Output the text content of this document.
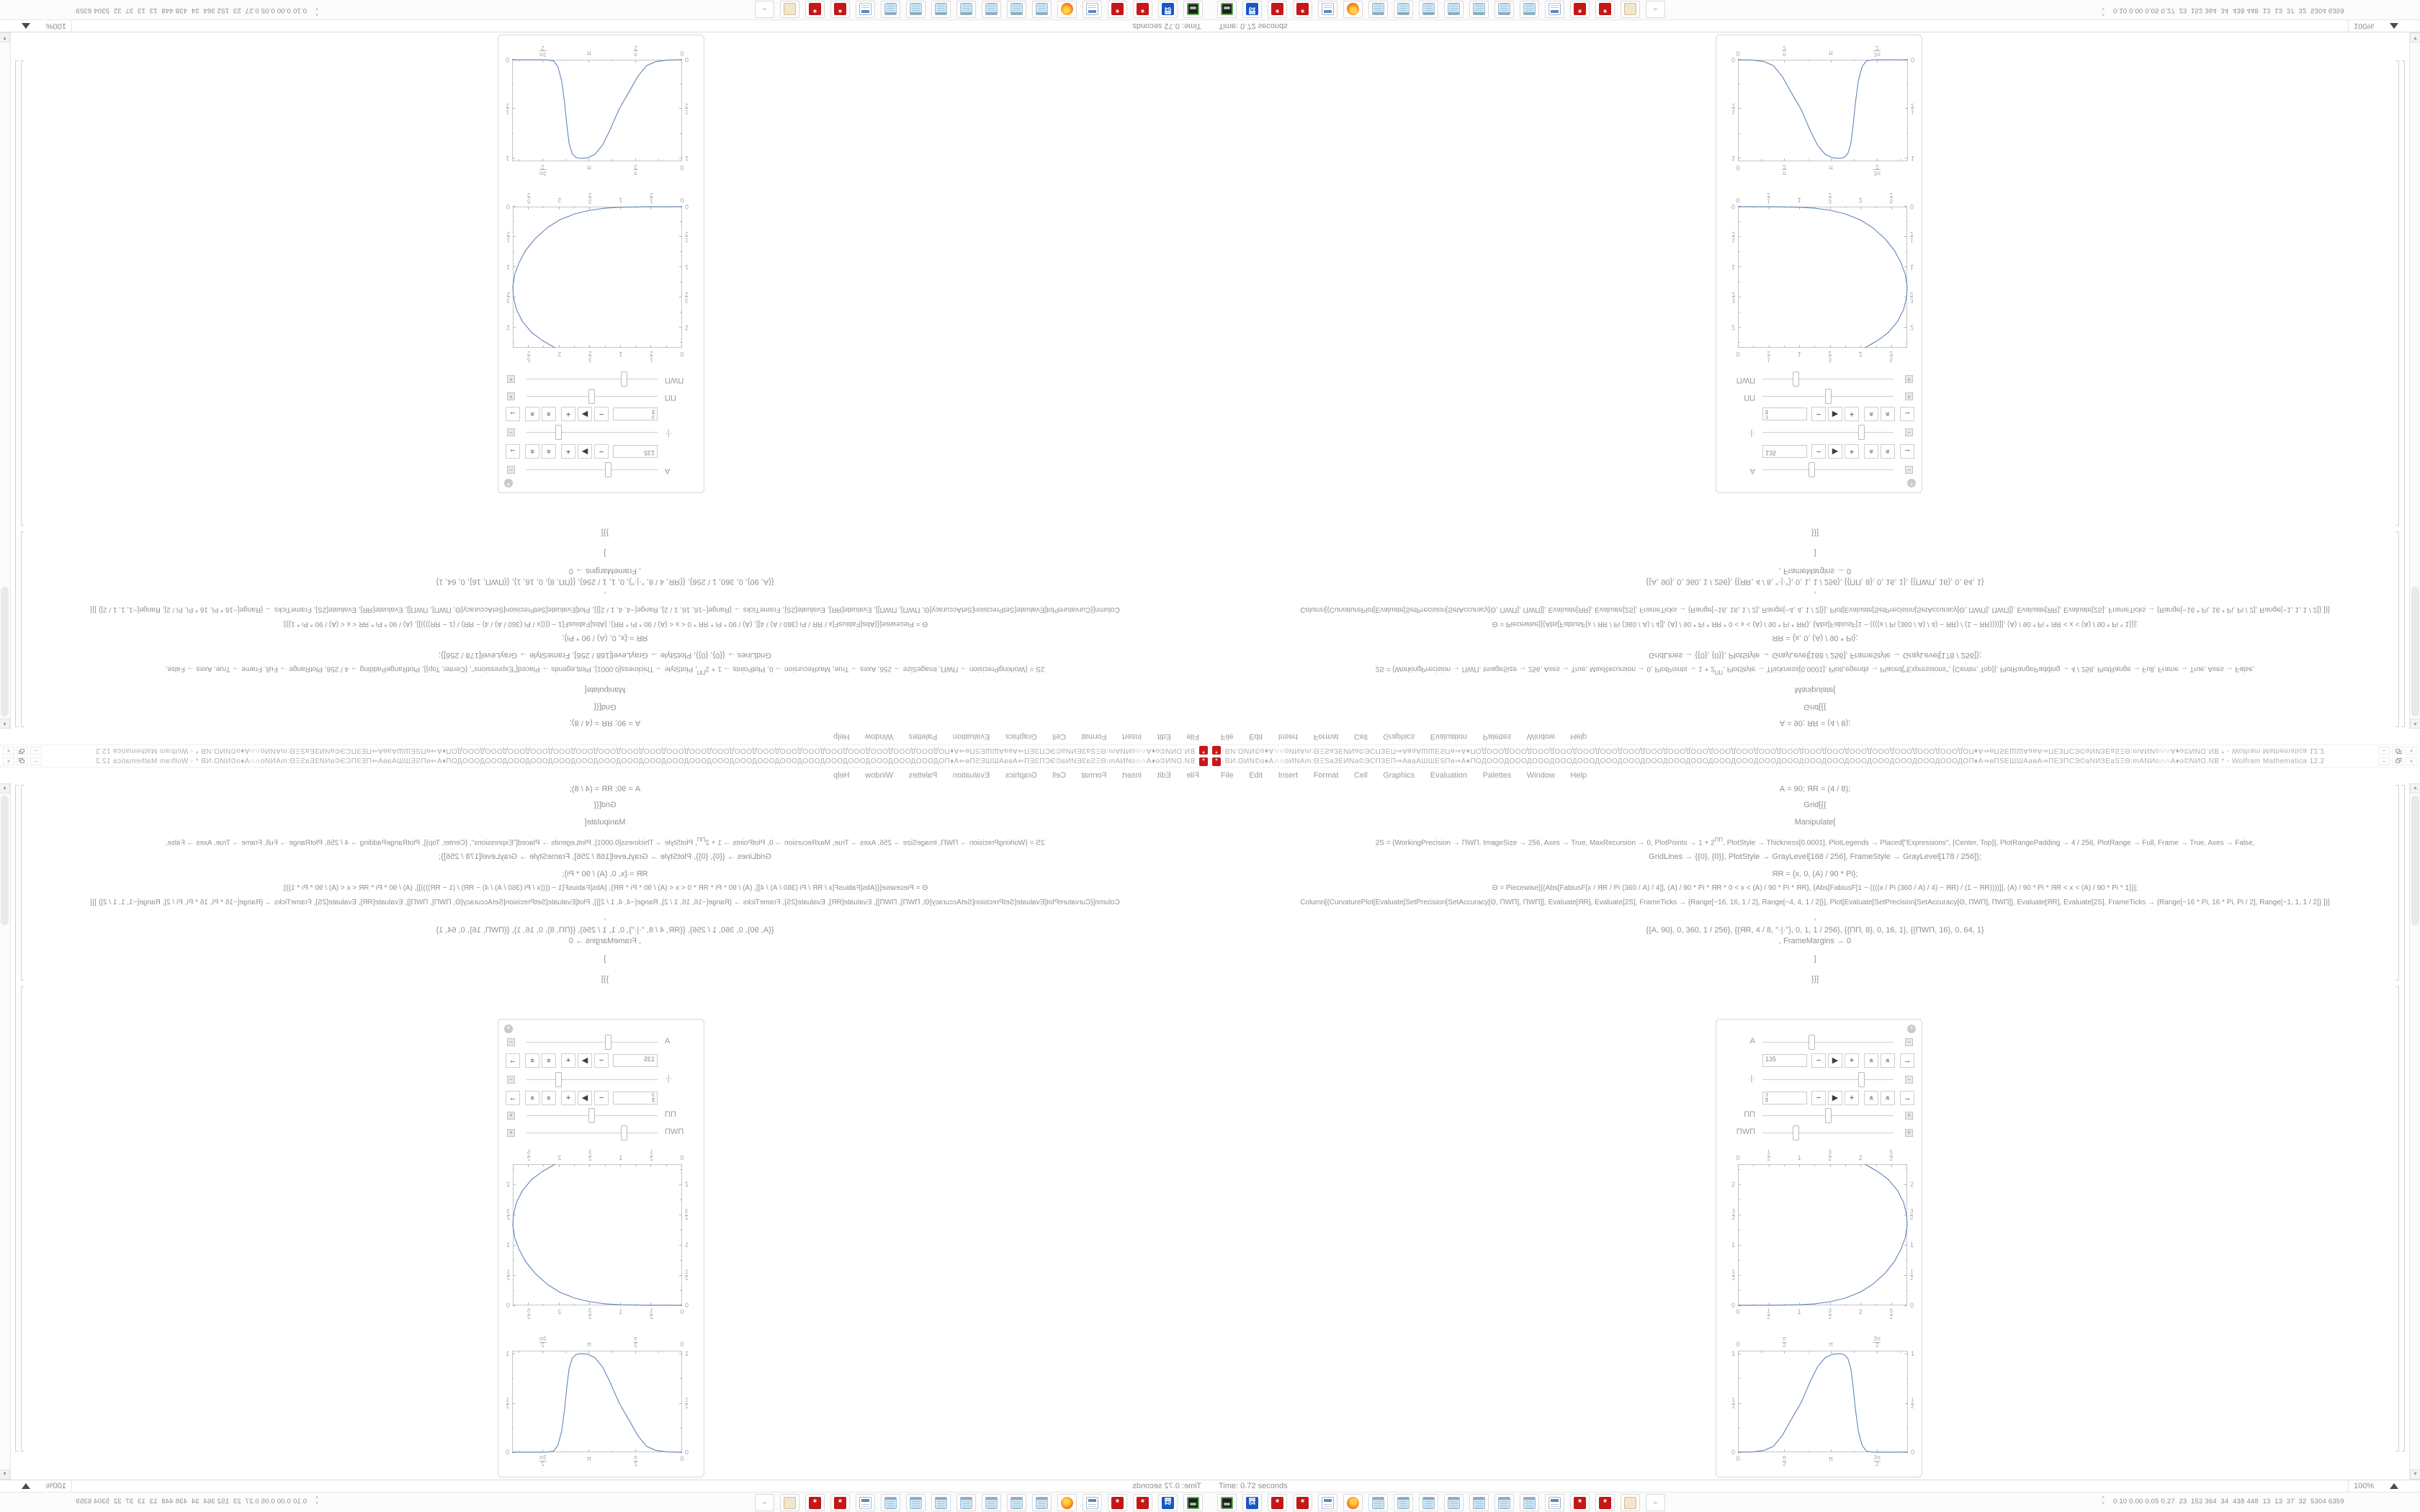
*	ВИ.ОИN©о♦А∩∩оИNАm:ΘΞЅаЗΕИNа©ЭСПЗЕП⇒АѳаАШШЕЅПѳ⇒А♦ПОДОООДОООДОООДОООДОООДОООДОООДОООДОООДОООДОООДОООДОООДОООДОООДОООДОООДОООДОООДОООДОООДОП♦А⇒ѳПЅЕШШАаѳА⇒ПЕЗПСЭ©аNИЗЕаЅΞΘ:mАNИо∩∩А♦о©NИО.NB * - Wolfram Mathematica 12.2	–	×
File Edit Insert Format Cell Graphics Evaluation Palettes Window Help
А = 90; ЯR = (4 / 8);
Grid[{{
Manipulate[
2S = {WorkingPrecision → ПWП, ImageSize → 256, Axes → True, MaxRecursion → 0, PlotPoints → $1 + 2^{ПП}$, PlotStyle → Thickness[0.0001], PlotLegends → Placed["Expressions", {Center, Top}], PlotRangePadding → 4 / 256, PlotRange → Full, Frame → True, Axes → False,
GridLines → {{0}, {0}}, PlotStyle → GrayLevel[168 / 256], FrameStyle → GrayLevel[178 / 256]};
ЯR = {x, 0, (А) / 90 * Pi};
Θ = Piecewise[{{Abs[FabiusF[x / ЯR / Pi (360 / А) / 4]], (А) / 90 * Pi * ЯR * 0 < x < (А) / 90 * Pi * ЯR}, {Abs[FabiusF[1 − ((((x / Pi (360 / А) / 4) − ЯR) / (1 − ЯR))))]], (А) / 90 * Pi * ЯR < x < (А) / 90 * Pi * 1}}];
Column[{CurvaturePlot[Evaluate[SetPrecision[SetAccuracy[Θ, ПWП], ПWП]], Evaluate[ЯR], Evaluate[2S], FrameTicks → {Range[−16, 16, 1 / 2], Range[−4, 4, 1 / 2]}], Plot[Evaluate[SetPrecision[SetAccuracy[Θ, ПWП], ПWП]], Evaluate[ЯR], Evaluate[2S], FrameTicks → {Range[−16 * Pi, 16 * Pi, Pi / 2], Range[−1, 1, 1 / 2]} ]}]
,
{{А, 90}, 0, 360, 1 / 256}, {{ЯR, 4 / 8, "·|·"}, 0, 1, 1 / 256}, {{ПП, 8}, 0, 16, 1}, {{ПWП, 16}, 0, 64, 1}
, FrameMargins → 0
]
}}]
+
А	−
·|·	−
ПП	+
ПWП	+
135	−	▶	+	«	»	→
$\frac{3}{4}$	−	▶	+	«	»	→
0
0
$\frac{1}{2}$
$\frac{1}{2}$
1
1
$\frac{3}{2}$
$\frac{3}{2}$
2
2
$\frac{5}{2}$
$\frac{5}{2}$
0	0
$\frac{1}{2}$	$\frac{1}{2}$
1	1
$\frac{3}{2}$	$\frac{3}{2}$
2	2
0
0
$\frac{\pi}{2}$
$\frac{\pi}{2}$
π
π
$\frac{3\pi}{2}$
$\frac{3\pi}{2}$
0	0
$\frac{1}{2}$	$\frac{1}{2}$
1	1
▲
▼
Time: 0.72 seconds	100%
64	*	*	*	*	⌁	˄
˅ 0.10 0.00 0.05 0.27  23  152 364  34  438 448  13  13  37  32  5304 6359
*
ВИ.ОИN©о♦А∩∩оИNАm:ΘΞЅаЗΕИNа©ЭСПЗЕП⇒АѳаАШШЕЅПѳ⇒А♦ПОДОООДОООДОООДОООДОООДОООДОООДОООДОООДОООДОООДОООДОООДОООДОООДОООДОООДОООДОООДОООДОООДОП♦А⇒ѳПЅЕШШАаѳА⇒ПЕЗПСЭ©аNИЗЕаЅΞΘ:mАNИо∩∩А♦о©NИО.NB * - Wolfram Mathematica 12.2
–
×
File Edit Insert Format Cell Graphics Evaluation Palettes Window Help
А = 90; ЯR = (4 / 8);
Grid[{{
Manipulate[
2S = {WorkingPrecision → ПWП, ImageSize → 256, Axes → True, MaxRecursion → 0, PlotPoints → $1 + 2^{ПП}$, PlotStyle → Thickness[0.0001], PlotLegends → Placed["Expressions", {Center, Top}], PlotRangePadding → 4 / 256, PlotRange → Full, Frame → True, Axes → False,
GridLines → {{0}, {0}}, PlotStyle → GrayLevel[168 / 256], FrameStyle → GrayLevel[178 / 256]};
ЯR = {x, 0, (А) / 90 * Pi};
Θ = Piecewise[{{Abs[FabiusF[x / ЯR / Pi (360 / А) / 4]], (А) / 90 * Pi * ЯR * 0 < x < (А) / 90 * Pi * ЯR}, {Abs[FabiusF[1 − ((((x / Pi (360 / А) / 4) − ЯR) / (1 − ЯR))))]], (А) / 90 * Pi * ЯR < x < (А) / 90 * Pi * 1}}];
Column[{CurvaturePlot[Evaluate[SetPrecision[SetAccuracy[Θ, ПWП], ПWП]], Evaluate[ЯR], Evaluate[2S], FrameTicks → {Range[−16, 16, 1 / 2], Range[−4, 4, 1 / 2]}], Plot[Evaluate[SetPrecision[SetAccuracy[Θ, ПWП], ПWП]], Evaluate[ЯR], Evaluate[2S], FrameTicks → {Range[−16 * Pi, 16 * Pi, Pi / 2], Range[−1, 1, 1 / 2]} ]}]
,
{{А, 90}, 0, 360, 1 / 256}, {{ЯR, 4 / 8, "·|·"}, 0, 1, 1 / 256}, {{ПП, 8}, 0, 16, 1}, {{ПWП, 16}, 0, 64, 1}
, FrameMargins → 0
]
}}]
+
А
−
·|·
−
ПП
+
ПWП
+
135
−
▶
+
«
»
→
$\frac{3}{4}$
−
▶
+
«
»
→
0
0
$\frac{1}{2}$
$\frac{1}{2}$
1
1
$\frac{3}{2}$
$\frac{3}{2}$
2
2
$\frac{5}{2}$
$\frac{5}{2}$
0
0
$\frac{1}{2}$
$\frac{1}{2}$
1
1
$\frac{3}{2}$
$\frac{3}{2}$
2
2
0
0
$\frac{\pi}{2}$
$\frac{\pi}{2}$
π
π
$\frac{3\pi}{2}$
$\frac{3\pi}{2}$
0
0
$\frac{1}{2}$
$\frac{1}{2}$
1
1
▲
▼
Time: 0.72 seconds
100%
64
*
*
*
*
⌁
˄
˅
0.10 0.00 0.05 0.27  23  152 364  34  438 448  13  13  37  32  5304 6359
*	ВИ.ОИN©о♦А∩∩оИNАm:ΘΞЅаЗΕИNа©ЭСПЗЕП⇒АѳаАШШЕЅПѳ⇒А♦ПОДОООДОООДОООДОООДОООДОООДОООДОООДОООДОООДОООДОООДОООДОООДОООДОООДОООДОООДОООДОООДОООДОП♦А⇒ѳПЅЕШШАаѳА⇒ПЕЗПСЭ©аNИЗЕаЅΞΘ:mАNИо∩∩А♦о©NИО.NB * - Wolfram Mathematica 12.2	–	×
File Edit Insert Format Cell Graphics Evaluation Palettes Window Help
А = 90; ЯR = (4 / 8);
Grid[{{
Manipulate[
2S = {WorkingPrecision → ПWП, ImageSize → 256, Axes → True, MaxRecursion → 0, PlotPoints → $1 + 2^{ПП}$, PlotStyle → Thickness[0.0001], PlotLegends → Placed["Expressions", {Center, Top}], PlotRangePadding → 4 / 256, PlotRange → Full, Frame → True, Axes → False,
GridLines → {{0}, {0}}, PlotStyle → GrayLevel[168 / 256], FrameStyle → GrayLevel[178 / 256]};
ЯR = {x, 0, (А) / 90 * Pi};
Θ = Piecewise[{{Abs[FabiusF[x / ЯR / Pi (360 / А) / 4]], (А) / 90 * Pi * ЯR * 0 < x < (А) / 90 * Pi * ЯR}, {Abs[FabiusF[1 − ((((x / Pi (360 / А) / 4) − ЯR) / (1 − ЯR))))]], (А) / 90 * Pi * ЯR < x < (А) / 90 * Pi * 1}}];
Column[{CurvaturePlot[Evaluate[SetPrecision[SetAccuracy[Θ, ПWП], ПWП]], Evaluate[ЯR], Evaluate[2S], FrameTicks → {Range[−16, 16, 1 / 2], Range[−4, 4, 1 / 2]}], Plot[Evaluate[SetPrecision[SetAccuracy[Θ, ПWП], ПWП]], Evaluate[ЯR], Evaluate[2S], FrameTicks → {Range[−16 * Pi, 16 * Pi, Pi / 2], Range[−1, 1, 1 / 2]} ]}]
,
{{А, 90}, 0, 360, 1 / 256}, {{ЯR, 4 / 8, "·|·"}, 0, 1, 1 / 256}, {{ПП, 8}, 0, 16, 1}, {{ПWП, 16}, 0, 64, 1}
, FrameMargins → 0
]
}}]
+
А	−
·|·	−
ПП	+
ПWП	+
135	−	▶	+	«	»	→
3
4	−	▶	+	«	»	→
0
0
1
2
1
2
1
1
3
2
3
2
2
2
5
2
5
2
0	0
1
2
1
2
1	1
3
2
3
2
2	2
0
0
π
2
π
2
π
π
3π
2
3π
2
0	0
1
2
1
2
1	1
▲
▼
Time: 0.72 seconds	100%
64	*	*	*	*	⌁	˄
˅ 0.10 0.00 0.05 0.27  23  152 364  34  438 448  13  13  37  32  5304 6359
*
ВИ.ОИN©о♦А∩∩оИNАm:ΘΞЅаЗΕИNа©ЭСПЗЕП⇒АѳаАШШЕЅПѳ⇒А♦ПОДОООДОООДОООДОООДОООДОООДОООДОООДОООДОООДОООДОООДОООДОООДОООДОООДОООДОООДОООДОООДОООДОП♦А⇒ѳПЅЕШШАаѳА⇒ПЕЗПСЭ©аNИЗЕаЅΞΘ:mАNИо∩∩А♦о©NИО.NB * - Wolfram Mathematica 12.2
–
×
File Edit Insert Format Cell Graphics Evaluation Palettes Window Help
А = 90; ЯR = (4 / 8);
Grid[{{
Manipulate[
2S = {WorkingPrecision → ПWП, ImageSize → 256, Axes → True, MaxRecursion → 0, PlotPoints → $1 + 2^{ПП}$, PlotStyle → Thickness[0.0001], PlotLegends → Placed["Expressions", {Center, Top}], PlotRangePadding → 4 / 256, PlotRange → Full, Frame → True, Axes → False,
GridLines → {{0}, {0}}, PlotStyle → GrayLevel[168 / 256], FrameStyle → GrayLevel[178 / 256]};
ЯR = {x, 0, (А) / 90 * Pi};
Θ = Piecewise[{{Abs[FabiusF[x / ЯR / Pi (360 / А) / 4]], (А) / 90 * Pi * ЯR * 0 < x < (А) / 90 * Pi * ЯR}, {Abs[FabiusF[1 − ((((x / Pi (360 / А) / 4) − ЯR) / (1 − ЯR))))]], (А) / 90 * Pi * ЯR < x < (А) / 90 * Pi * 1}}];
Column[{CurvaturePlot[Evaluate[SetPrecision[SetAccuracy[Θ, ПWП], ПWП]], Evaluate[ЯR], Evaluate[2S], FrameTicks → {Range[−16, 16, 1 / 2], Range[−4, 4, 1 / 2]}], Plot[Evaluate[SetPrecision[SetAccuracy[Θ, ПWП], ПWП]], Evaluate[ЯR], Evaluate[2S], FrameTicks → {Range[−16 * Pi, 16 * Pi, Pi / 2], Range[−1, 1, 1 / 2]} ]}]
,
{{А, 90}, 0, 360, 1 / 256}, {{ЯR, 4 / 8, "·|·"}, 0, 1, 1 / 256}, {{ПП, 8}, 0, 16, 1}, {{ПWП, 16}, 0, 64, 1}
, FrameMargins → 0
]
}}]
+
А
−
·|·
−
ПП
+
ПWП
+
135
−
▶
+
«
»
→
3
4
−
▶
+
«
»
→
0
0
1
2
1
2
1
1
3
2
3
2
2
2
5
2
5
2
0
0
1
2
1
2
1
1
3
2
3
2
2
2
0
0
π
2
π
2
π
π
3π
2
3π
2
0
0
1
2
1
2
1
1
▲
▼
Time: 0.72 seconds
100%
64
*
*
*
*
⌁
˄
˅
0.10 0.00 0.05 0.27  23  152 364  34  438 448  13  13  37  32  5304 6359
